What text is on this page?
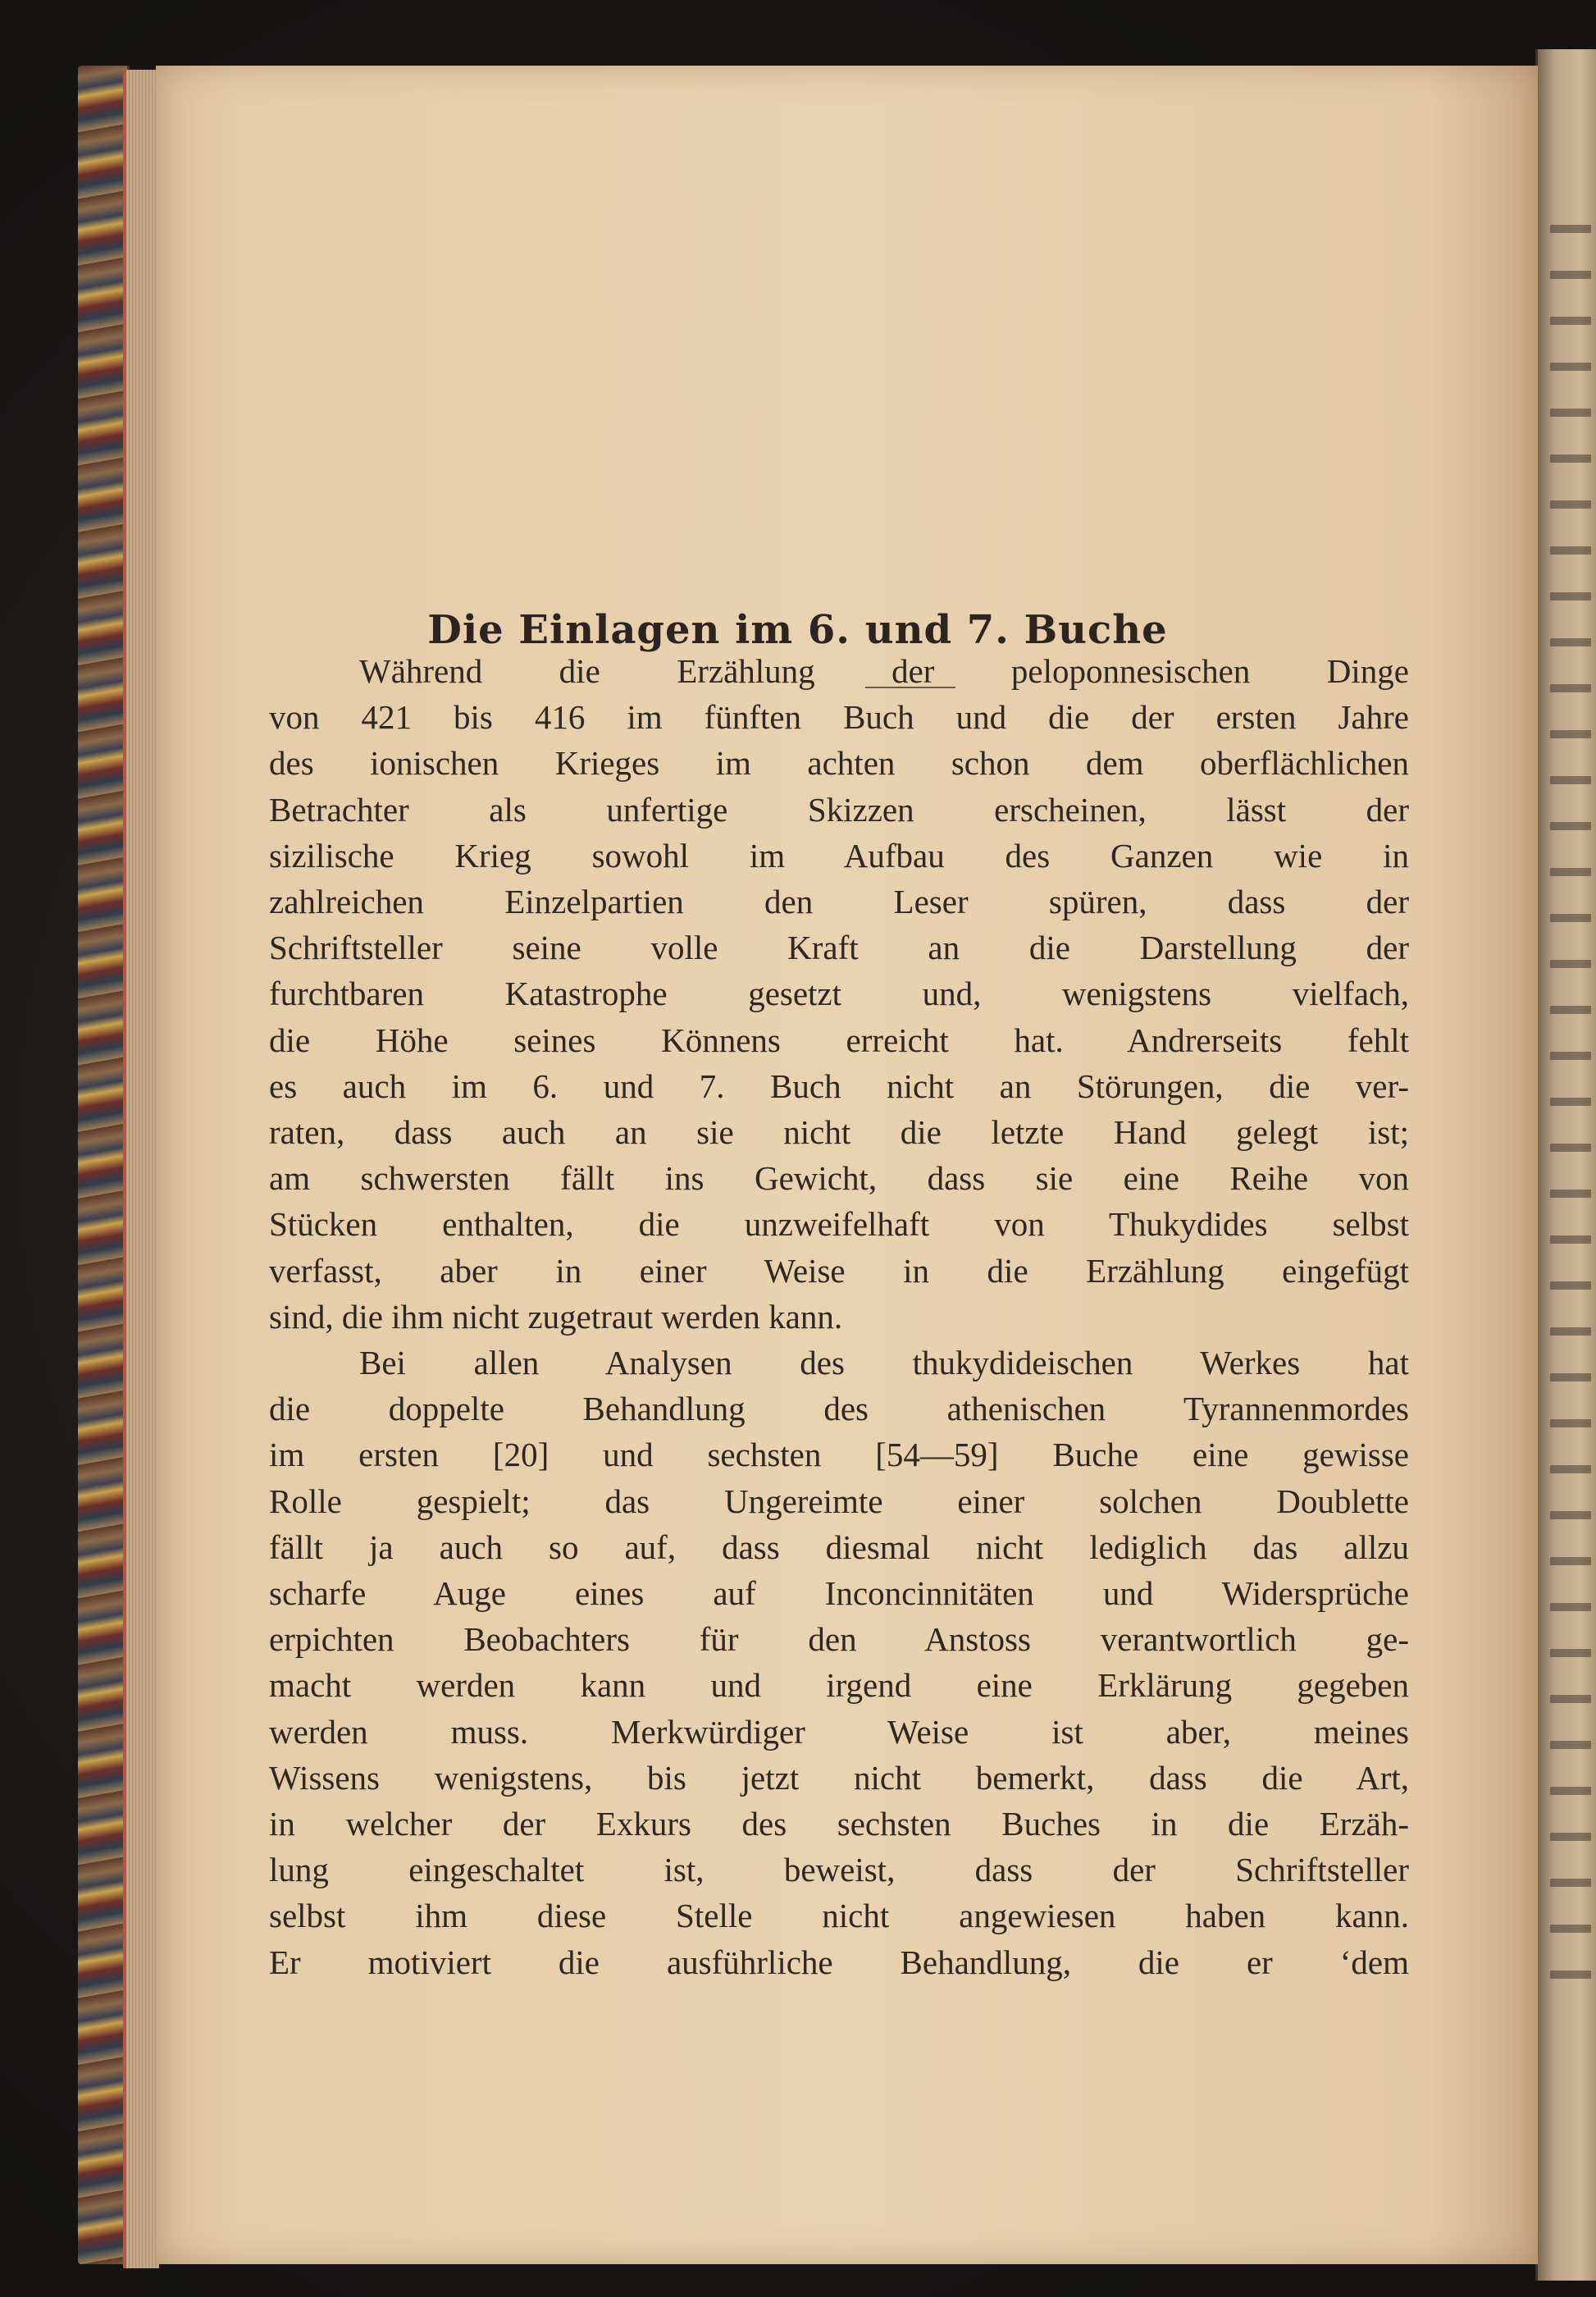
Die Einlagen im 6. und 7. Buche
Während die Erzählung der peloponnesischen Dinge
von 421 bis 416 im fünften Buch und die der ersten Jahre
des ionischen Krieges im achten schon dem oberflächlichen
Betrachter als unfertige Skizzen erscheinen, lässt der
sizilische Krieg sowohl im Aufbau des Ganzen wie in
zahlreichen Einzelpartien den Leser spüren, dass der
Schriftsteller seine volle Kraft an die Darstellung der
furchtbaren Katastrophe gesetzt und, wenigstens vielfach,
die Höhe seines Könnens erreicht hat. Andrerseits fehlt
es auch im 6. und 7. Buch nicht an Störungen, die ver-
raten, dass auch an sie nicht die letzte Hand gelegt ist;
am schwersten fällt ins Gewicht, dass sie eine Reihe von
Stücken enthalten, die unzweifelhaft von Thukydides selbst
verfasst, aber in einer Weise in die Erzählung eingefügt
sind, die ihm nicht zugetraut werden kann.
Bei allen Analysen des thukydideischen Werkes hat
die doppelte Behandlung des athenischen Tyrannenmordes
im ersten [20] und sechsten [54—59] Buche eine gewisse
Rolle gespielt; das Ungereimte einer solchen Doublette
fällt ja auch so auf, dass diesmal nicht lediglich das allzu
scharfe Auge eines auf Inconcinnitäten und Widersprüche
erpichten Beobachters für den Anstoss verantwortlich ge-
macht werden kann und irgend eine Erklärung gegeben
werden muss. Merkwürdiger Weise ist aber, meines
Wissens wenigstens, bis jetzt nicht bemerkt, dass die Art,
in welcher der Exkurs des sechsten Buches in die Erzäh-
lung eingeschaltet ist, beweist, dass der Schriftsteller
selbst ihm diese Stelle nicht angewiesen haben kann.
Er motiviert die ausführliche Behandlung, die er ‘dem
